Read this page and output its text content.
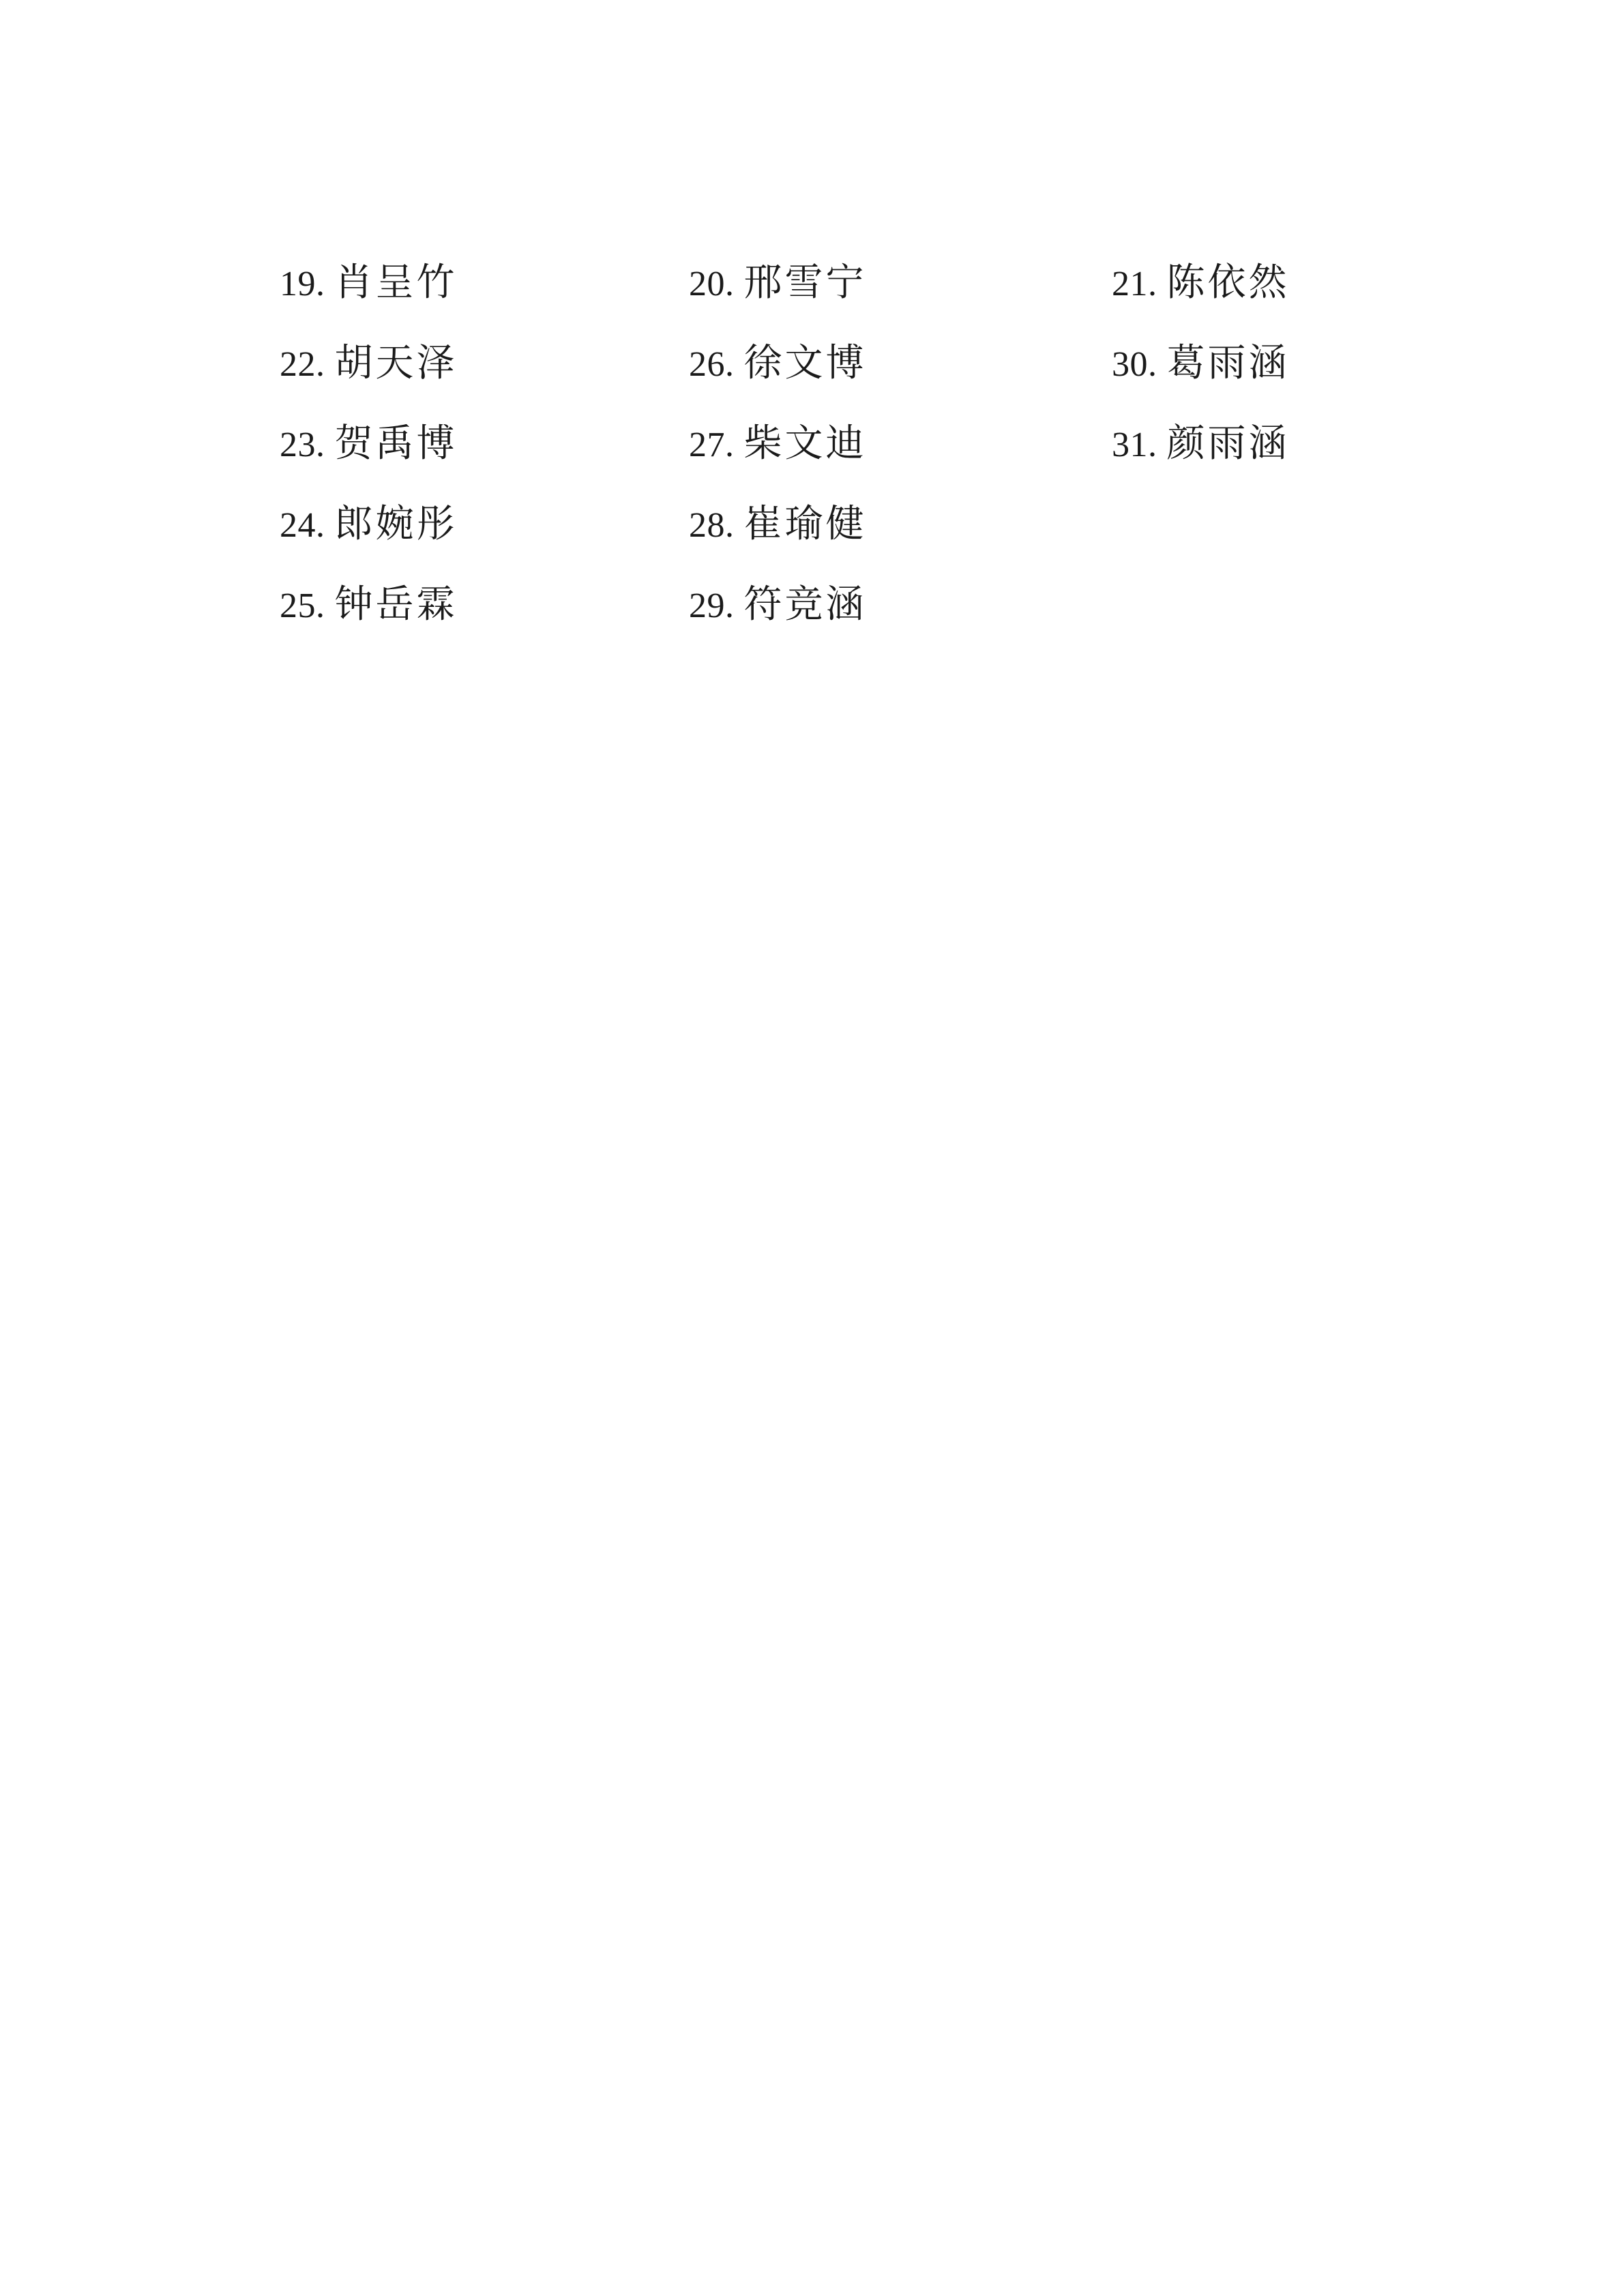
19. 肖呈竹
22. 胡天泽
23. 贺禹博
24. 郎婉彤
25. 钟岳霖
20. 邢雪宁
26. 徐文博
27. 柴文迪
28. 崔瑜健
29. 符竞涵
21. 陈依然
30. 葛雨涵
31. 颜雨涵
